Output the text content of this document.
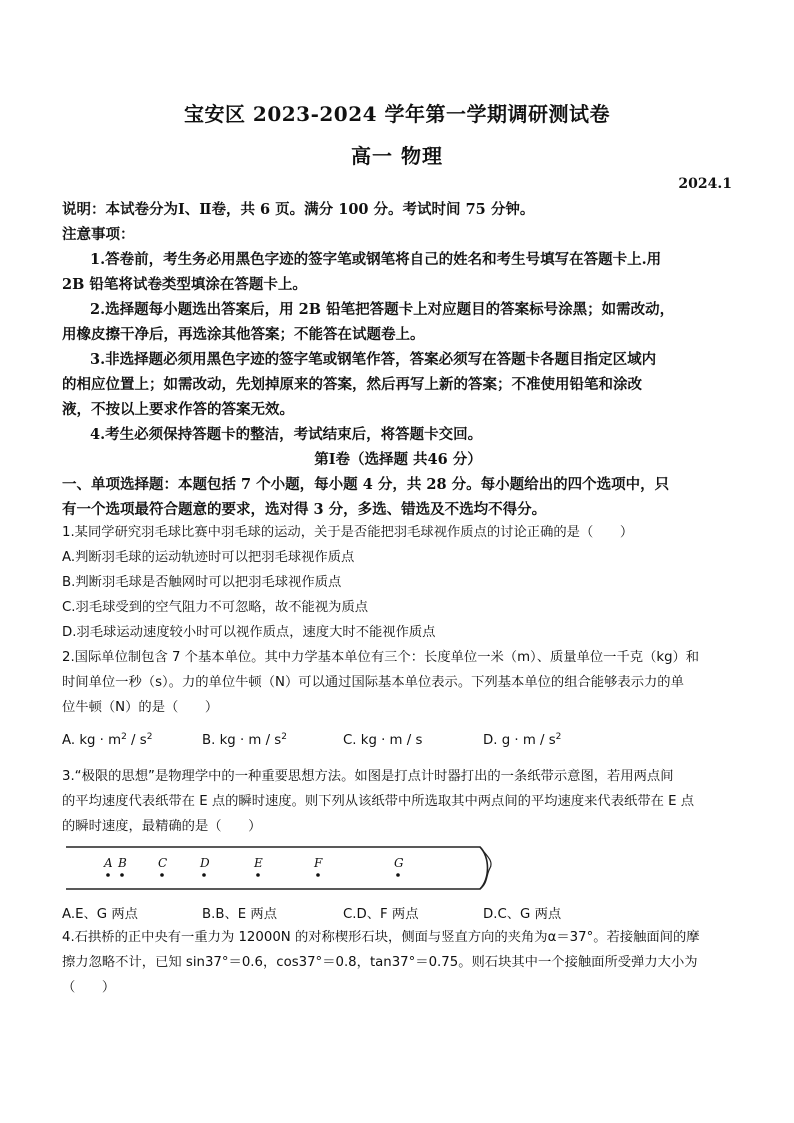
宝安区 2023-2024 学年第一学期调研测试卷
高一 物理
2024.1
说明：本试卷分为Ⅰ、Ⅱ卷，共 6 页。满分 100 分。考试时间 75 分钟。
注意事项：
1.答卷前，考生务必用黑色字迹的签字笔或钢笔将自己的姓名和考生号填写在答题卡上.用
2B 铅笔将试卷类型填涂在答题卡上。
2.选择题每小题选出答案后，用 2B 铅笔把答题卡上对应题目的答案标号涂黑；如需改动，
用橡皮擦干净后，再选涂其他答案；不能答在试题卷上。
3.非选择题必须用黑色字迹的签字笔或钢笔作答，答案必须写在答题卡各题目指定区域内
的相应位置上；如需改动，先划掉原来的答案，然后再写上新的答案；不准使用铅笔和涂改
液，不按以上要求作答的答案无效。
4.考生必须保持答题卡的整洁，考试结束后，将答题卡交回。
第Ⅰ卷（选择题 共46 分）
一、单项选择题：本题包括 7 个小题，每小题 4 分，共 28 分。每小题给出的四个选项中，只
有一个选项最符合题意的要求，选对得 3 分，多选、错选及不选均不得分。
1.某同学研究羽毛球比赛中羽毛球的运动，关于是否能把羽毛球视作质点的讨论正确的是（　　）
A.判断羽毛球的运动轨迹时可以把羽毛球视作质点
B.判断羽毛球是否触网时可以把羽毛球视作质点
C.羽毛球受到的空气阻力不可忽略，故不能视为质点
D.羽毛球运动速度较小时可以视作质点，速度大时不能视作质点
2.国际单位制包含 7 个基本单位。其中力学基本单位有三个：长度单位一米（m）、质量单位一千克（kg）和
时间单位一秒（s）。力的单位牛顿（N）可以通过国际基本单位表示。下列基本单位的组合能够表示力的单
位牛顿（N）的是（　　）
A. kg · $m^2 / s^2$	B. kg · m / $s^2$	C. kg · m / s	D. $g \cdot m / s^2$
3.“极限的思想”是物理学中的一种重要思想方法。如图是打点计时器打出的一条纸带示意图，若用两点间
的平均速度代表纸带在 E 点的瞬时速度。则下列从该纸带中所选取其中两点间的平均速度来代表纸带在 E 点
的瞬时速度，最精确的是（　　）
A B	C	D	E	F	G
A.E、G 两点	B.B、E 两点	C.D、F 两点	D.C、G 两点
4.石拱桥的正中央有一重力为 12000N 的对称楔形石块，侧面与竖直方向的夹角为α＝37°。若接触面间的摩
擦力忽略不计，已知 sin37°＝0.6，cos37°＝0.8，tan37°＝0.75。则石块其中一个接触面所受弹力大小为
（　　）
